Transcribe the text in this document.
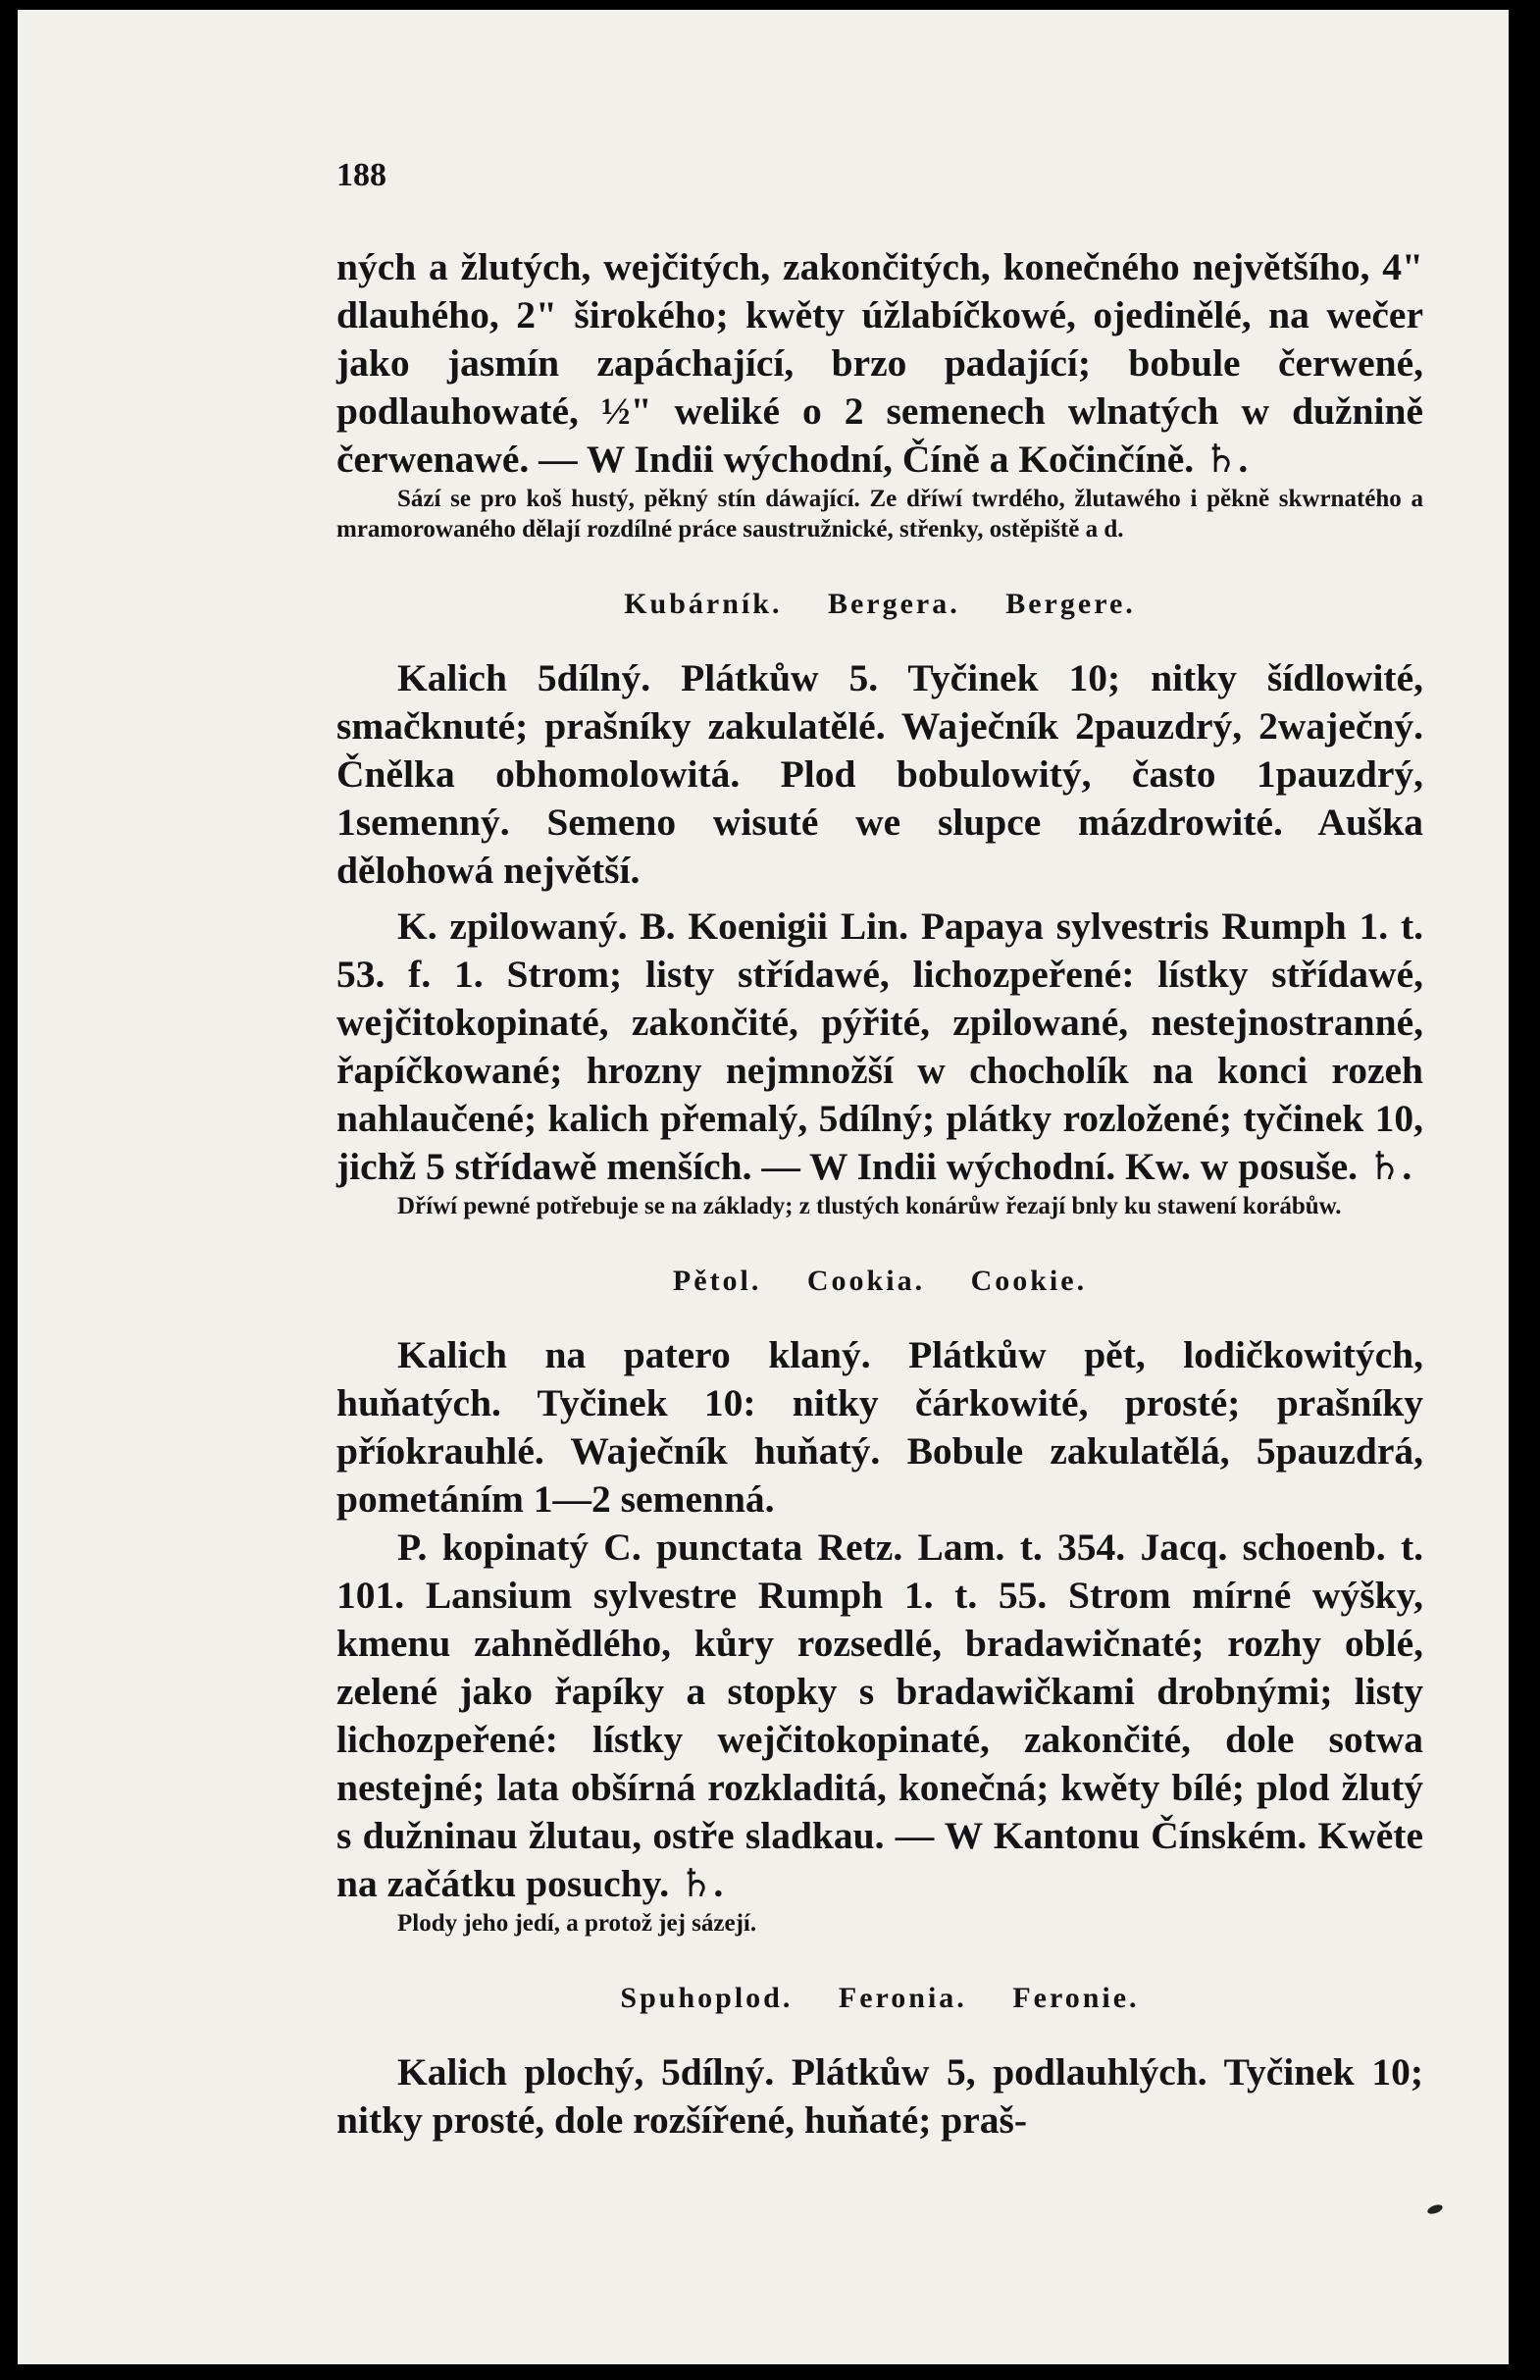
188

ných a žlutých, wejčitých, zakončitých, konečného největšího, 4" dlauhého, 2" širokého; kwěty úžlabíčkowé, ojedinělé, na wečer jako jasmín zapáchající, brzo padající; bobule čerwené, podlauhowaté, ½" weliké o 2 semenech wlnatých w dužnině čerwenawé. — W Indii wýchodní, Číně a Kočinčíně. ♄.

Sází se pro koš hustý, pěkný stín dáwající. Ze dříwí twrdého, žlutawého i pěkně skwrnatého a mramorowaného dělají rozdílné práce saustružnické, střenky, ostěpiště a d.

Kubárník. Bergera. Bergere.

Kalich 5dílný. Plátkůw 5. Tyčinek 10; nitky šídlowité, smačknuté; prašníky zakulatělé. Waječník 2pauzdrý, 2waječný. Čnělka obhomolowitá. Plod bobulowitý, často 1pauzdrý, 1semenný. Semeno wisuté we slupce mázdrowité. Auška dělohowá největší.

K. zpilowaný. B. Koenigii Lin. Papaya sylvestris Rumph 1. t. 53. f. 1. Strom; listy střídawé, lichozpeřené: lístky střídawé, wejčitokopinaté, zakončité, pýřité, zpilowané, nestejnostranné, řapíčkowané; hrozny nejmnožší w chocholík na konci rozeh nahlaučené; kalich přemalý, 5dílný; plátky rozložené; tyčinek 10, jichž 5 střídawě menších. — W Indii wýchodní. Kw. w posuše. ♄.

Dříwí pewné potřebuje se na základy; z tlustých konárůw řezají bnly ku stawení korábůw.

Pětol. Cookia. Cookie.

Kalich na patero klaný. Plátkůw pět, lodičkowitých, huňatých. Tyčinek 10: nitky čárkowité, prosté; prašníky příokrauhlé. Waječník huňatý. Bobule zakulatělá, 5pauzdrá, pometáním 1—2 semenná.

P. kopinatý C. punctata Retz. Lam. t. 354. Jacq. schoenb. t. 101. Lansium sylvestre Rumph 1. t. 55. Strom mírné wýšky, kmenu zahnědlého, kůry rozsedlé, bradawičnaté; rozhy oblé, zelené jako řapíky a stopky s bradawičkami drobnými; listy lichozpeřené: lístky wejčitokopinaté, zakončité, dole sotwa nestejné; lata obšírná rozkladitá, konečná; kwěty bílé; plod žlutý s dužninau žlutau, ostře sladkau. — W Kantonu Čínském. Kwěte na začátku posuchy. ♄.

Plody jeho jedí, a protož jej sázejí.

Spuhoplod. Feronia. Feronie.

Kalich plochý, 5dílný. Plátkůw 5, podlauhlých. Tyčinek 10; nitky prosté, dole rozšířené, huňaté; praš-
